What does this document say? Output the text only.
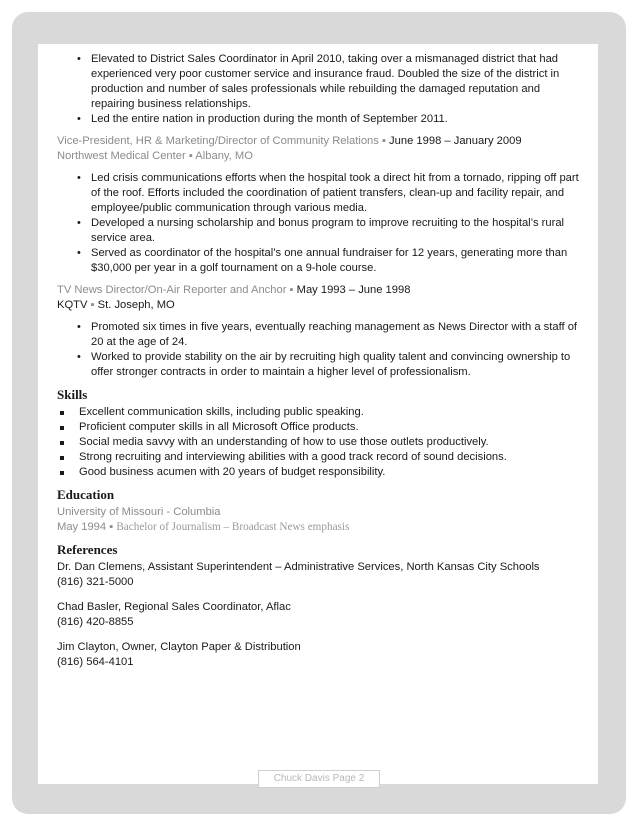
• Elevated to District Sales Coordinator in April 2010, taking over a mismanaged district that had experienced very poor customer service and insurance fraud. Doubled the size of the district in production and number of sales professionals while rebuilding the damaged reputation and repairing business relationships.
• Led the entire nation in production during the month of September 2011.
Vice-President, HR & Marketing/Director of Community Relations ▪ June 1998 – January 2009
Northwest Medical Center ▪ Albany, MO
• Led crisis communications efforts when the hospital took a direct hit from a tornado, ripping off part of the roof. Efforts included the coordination of patient transfers, clean-up and facility repair, and employee/public communication through various media.
• Developed a nursing scholarship and bonus program to improve recruiting to the hospital’s rural service area.
• Served as coordinator of the hospital’s one annual fundraiser for 12 years, generating more than $30,000 per year in a golf tournament on a 9-hole course.
TV News Director/On-Air Reporter and Anchor ▪ May 1993 – June 1998
KQTV ▪ St. Joseph, MO
• Promoted six times in five years, eventually reaching management as News Director with a staff of 20 at the age of 24.
• Worked to provide stability on the air by recruiting high quality talent and convincing ownership to offer stronger contracts in order to maintain a higher level of professionalism.
Skills
Excellent communication skills, including public speaking.
Proficient computer skills in all Microsoft Office products.
Social media savvy with an understanding of how to use those outlets productively.
Strong recruiting and interviewing abilities with a good track record of sound decisions.
Good business acumen with 20 years of budget responsibility.
Education
University of Missouri - Columbia
May 1994 ▪ Bachelor of Journalism – Broadcast News emphasis
References
Dr. Dan Clemens, Assistant Superintendent – Administrative Services, North Kansas City Schools
(816) 321-5000
Chad Basler, Regional Sales Coordinator, Aflac
(816) 420-8855
Jim Clayton, Owner, Clayton Paper & Distribution
(816) 564-4101
Chuck Davis Page 2
